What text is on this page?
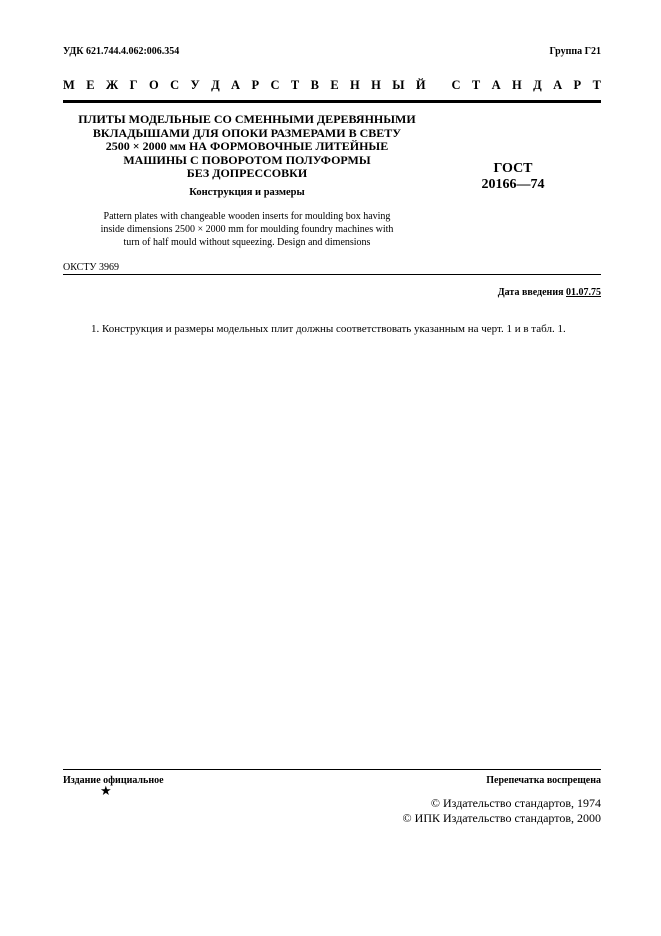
УДК 621.744.4.062:006.354	Группа Г21
М Е Ж Г О С У Д А Р С Т В Е Н Н Ы Й
С Т А Н Д А Р Т
ПЛИТЫ МОДЕЛЬНЫЕ СО СМЕННЫМИ ДЕРЕВЯННЫМИ
ВКЛАДЫШАМИ ДЛЯ ОПОКИ РАЗМЕРАМИ В СВЕТУ
2500 × 2000 мм НА ФОРМОВОЧНЫЕ ЛИТЕЙНЫЕ
МАШИНЫ С ПОВОРОТОМ ПОЛУФОРМЫ
БЕЗ ДОПРЕССОВКИ
Конструкция и размеры
Pattern plates with changeable wooden inserts for moulding box having
inside dimensions 2500 × 2000 mm for moulding foundry machines with
turn of half mould without squeezing. Design and dimensions
ГОСТ
20166—74
ОКСТУ 3969
Дата введения 01.07.75
1. Конструкция и размеры модельных плит должны соответствовать указанным на черт. 1 и в табл. 1.
Издание официальное
★
Перепечатка воспрещена
© Издательство стандартов, 1974
© ИПК Издательство стандартов, 2000
